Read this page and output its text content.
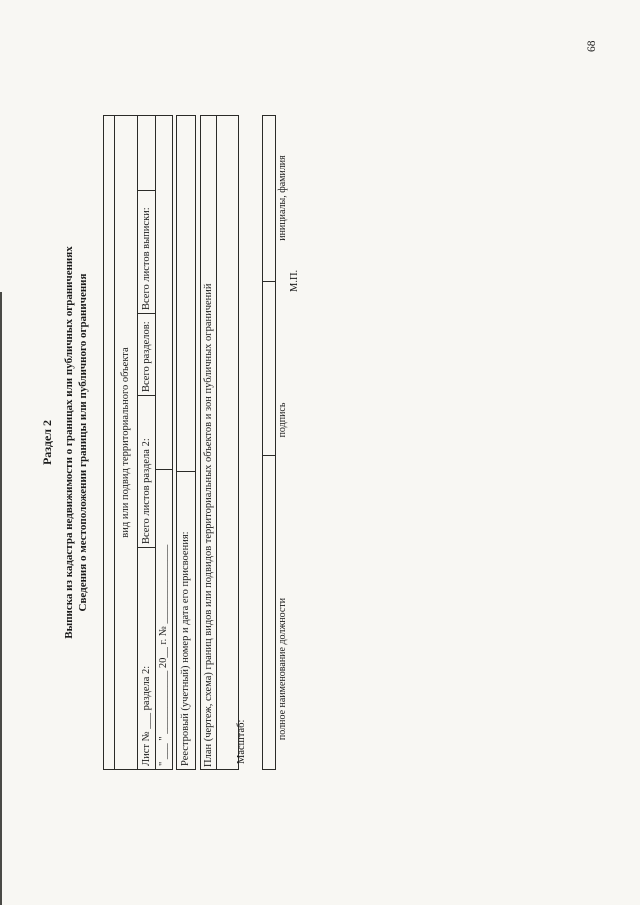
68
Раздел 2 Выписка из кадастра недвижимости о границах или публичных ограничениях Сведения о местоположении границы или публичного ограничения	вид или подвид территориального объекта
Лист № ___ раздела 2:
Всего листов раздела 2:
Всего разделов:
Всего листов выписки:
" ___ " ____________ 20__ г. № _______________ Реестровый (учетный) номер и дата его присвоения: План (чертеж, схема) границ видов или подвидов территориальных объектов и зон публичных ограничений Масштаб:
полное наименование должности
подпись
инициалы, фамилия
М.П.
